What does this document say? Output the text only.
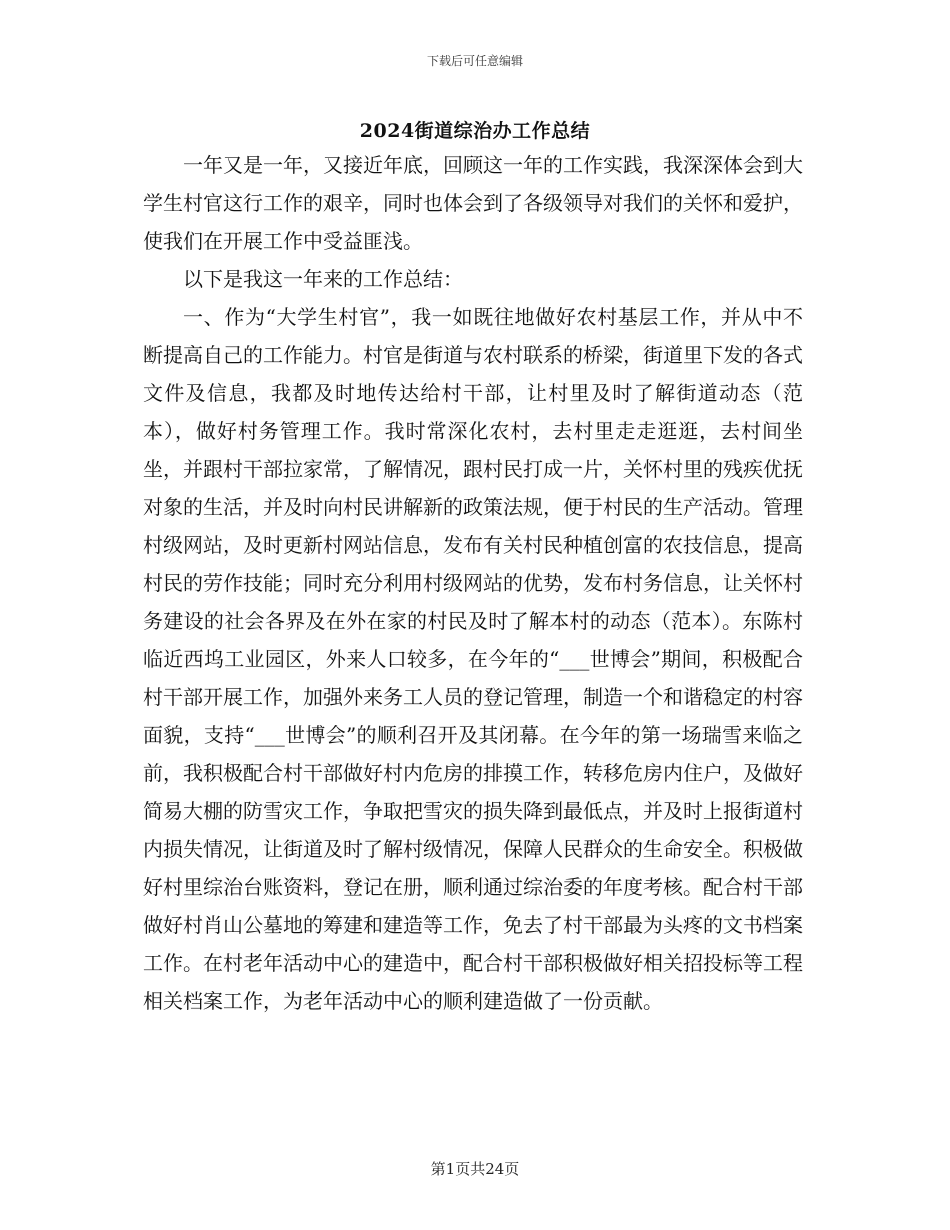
下载后可任意编辑
2024街道综治办工作总结

一年又是一年，又接近年底，回顾这一年的工作实践，我深深体会到大学生村官这行工作的艰辛，同时也体会到了各级领导对我们的关怀和爱护，使我们在开展工作中受益匪浅。

以下是我这一年来的工作总结：

一、作为“大学生村官”，我一如既往地做好农村基层工作，并从中不断提高自己的工作能力。村官是街道与农村联系的桥梁，街道里下发的各式文件及信息，我都及时地传达给村干部，让村里及时了解街道动态（范本），做好村务管理工作。我时常深化农村，去村里走走逛逛，去村间坐坐，并跟村干部拉家常，了解情况，跟村民打成一片，关怀村里的残疾优抚对象的生活，并及时向村民讲解新的政策法规，便于村民的生产活动。管理村级网站，及时更新村网站信息，发布有关村民种植创富的农技信息，提高村民的劳作技能；同时充分利用村级网站的优势，发布村务信息，让关怀村务建设的社会各界及在外在家的村民及时了解本村的动态（范本）。东陈村临近西坞工业园区，外来人口较多，在今年的“___世博会”期间，积极配合村干部开展工作，加强外来务工人员的登记管理，制造一个和谐稳定的村容面貌，支持“___世博会”的顺利召开及其闭幕。在今年的第一场瑞雪来临之前，我积极配合村干部做好村内危房的排摸工作，转移危房内住户，及做好简易大棚的防雪灾工作，争取把雪灾的损失降到最低点，并及时上报街道村内损失情况，让街道及时了解村级情况，保障人民群众的生命安全。积极做好村里综治台账资料，登记在册，顺利通过综治委的年度考核。配合村干部做好村肖山公墓地的筹建和建造等工作，免去了村干部最为头疼的文书档案工作。在村老年活动中心的建造中，配合村干部积极做好相关招投标等工程相关档案工作，为老年活动中心的顺利建造做了一份贡献。

第1页共24页
